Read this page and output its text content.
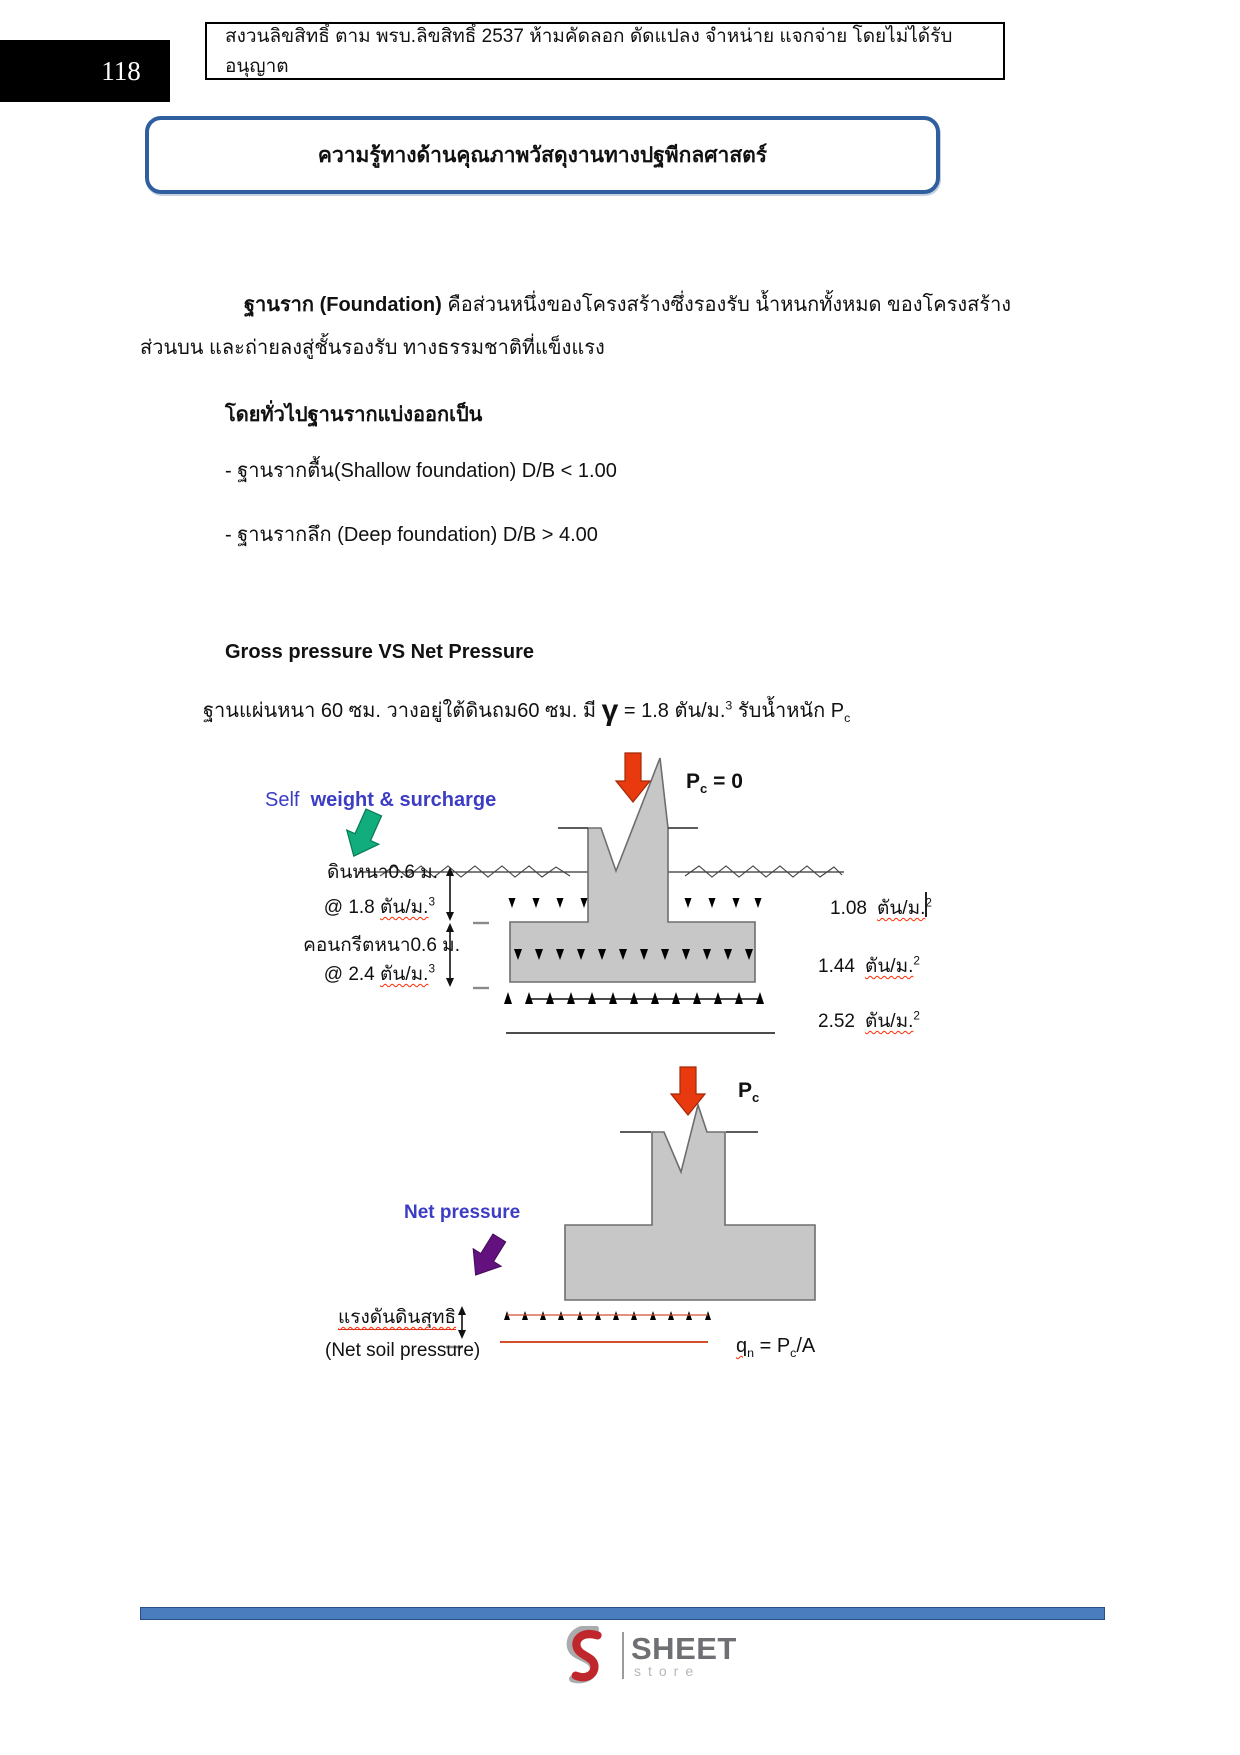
118
สงวนลิขสิทธิ์ ตาม พรบ.ลิขสิทธิ์ 2537 ห้ามคัดลอก ดัดแปลง จำหน่าย แจกจ่าย โดยไม่ได้รับอนุญาต
ความรู้ทางด้านคุณภาพวัสดุงานทางปฐพีกลศาสตร์
ฐานราก (Foundation) คือส่วนหนึ่งของโครงสร้างซึ่งรองรับ น้ำหนกทั้งหมด ของโครงสร้าง
ส่วนบน และถ่ายลงสู่ชั้นรองรับ ทางธรรมชาติที่แข็งแรง
โดยทั่วไปฐานรากแบ่งออกเป็น
- ฐานรากตื้น(Shallow foundation) D/B < 1.00
- ฐานรากลึก (Deep foundation) D/B > 4.00
Gross pressure VS Net Pressure
ฐานแผ่นหนา 60 ซม. วางอยู่ใต้ดินถม60 ซม. มี γ = 1.8 ตัน/ม.$^3$ รับน้ำหนัก $P_c$
$P_c = 0$
Self weight & surcharge
ดินหนา0.6 ม.
@ 1.8 ตัน/ม.$^3$
คอนกรีตหนา0.6 ม.
@ 2.4 ตัน/ม.$^3$
1.08 ตัน/ม.$^2$
1.44 ตัน/ม.$^2$
2.52 ตัน/ม.$^2$
$P_c$
Net pressure
แรงดันดินสุทธิ
(Net soil pressure)	$q_n = P_c/A$
SHEET
store
